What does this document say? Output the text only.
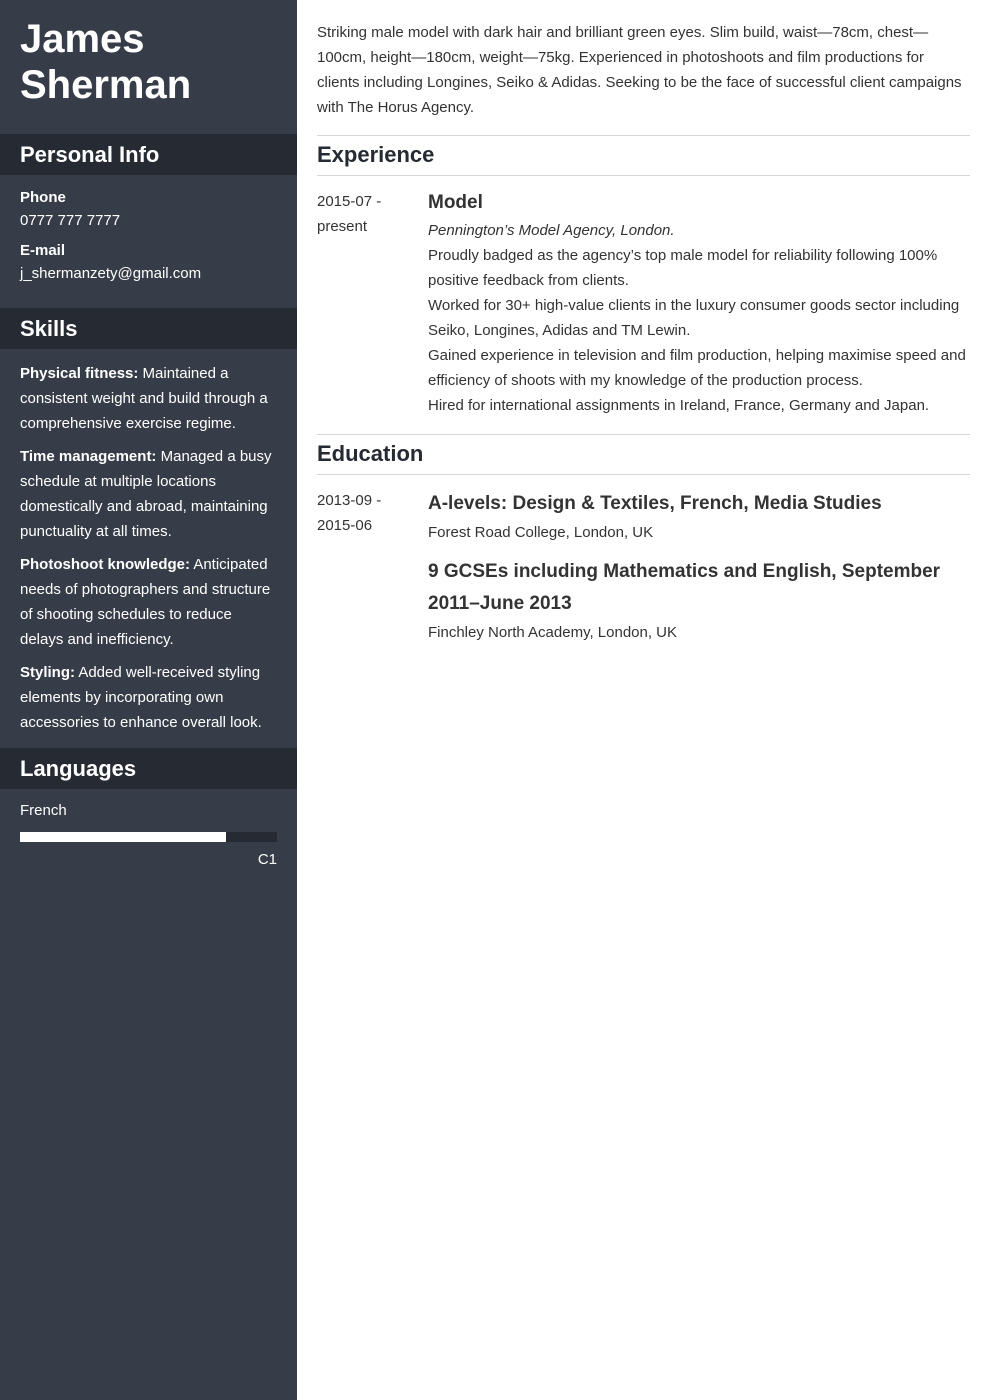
James
Sherman
Personal Info
Phone
0777 777 7777
E-mail
j_shermanzety@gmail.com
Skills
Physical fitness: Maintained a consistent weight and build through a comprehensive exercise regime.
Time management: Managed a busy schedule at multiple locations domestically and abroad, maintaining punctuality at all times.
Photoshoot knowledge: Anticipated needs of photographers and structure of shooting schedules to reduce delays and inefficiency.
Styling: Added well-received styling elements by incorporating own accessories to enhance overall look.
Languages
French
C1

Striking male model with dark hair and brilliant green eyes. Slim build, waist—78cm, chest—100cm, height—180cm, weight—75kg. Experienced in photoshoots and film productions for clients including Longines, Seiko & Adidas. Seeking to be the face of successful client campaigns with The Horus Agency.

Experience
2015-07 -
present
Model
Pennington’s Model Agency, London.
Proudly badged as the agency’s top male model for reliability following 100% positive feedback from clients.
Worked for 30+ high-value clients in the luxury consumer goods sector including Seiko, Longines, Adidas and TM Lewin.
Gained experience in television and film production, helping maximise speed and efficiency of shoots with my knowledge of the production process.
Hired for international assignments in Ireland, France, Germany and Japan.
Education
2013-09 -
2015-06
A-levels: Design & Textiles, French, Media Studies
Forest Road College, London, UK
9 GCSEs including Mathematics and English, September 2011–June 2013
Finchley North Academy, London, UK
